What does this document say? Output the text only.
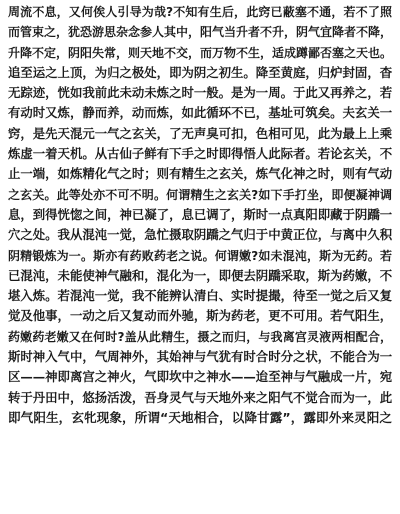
周流不息，又何俟人引导为哉?不知有生后，此窍已蔽塞不通，若不了照
而管束之，犹恐游思杂念参人其中，阳气当升者不升，阴气宜降者不降，
升降不定，阴阳失常，则天地不交，而万物不生，适成蹲鄙否塞之天也。
追至运之上顶，为归之极处，即为阴之初生。降至黄庭，归炉封固，杳
无踪迹，恍如我前此未动未炼之时一般。是为一周。于此又再养之，若
有动时又炼，静而养，动而炼，如此循环不已，基址可筑矣。夫玄关一
窍，是先天混元一气之玄关，了无声臭可扣，色相可见，此为最上上乘
炼虚一着天机。从古仙子鲜有下手之时即得悟人此际者。若论玄关，不
止一端，如炼精化气之时；则有精生之玄关，炼气化神之时，则有气动
之玄关。此等处亦不可不明。何谓精生之玄关?如下手打坐，即便凝神调
息，到得恍惚之间，神已凝了，息已调了，斯时一点真阳即藏于阴蹻一
穴之处。我从混沌一觉，急忙摄取阴蹻之气归于中黄正位，与离中久积
阴精锻炼为一。斯亦有药败药老之说。何谓嫩?如未混沌，斯为无药。若
已混沌，未能使神气融和，混化为一，即便去阴蹻采取，斯为药嫩，不
堪入炼。若混沌一觉，我不能辨认清白、实时提撮，待至一觉之后又复
觉及他事，一动之后又复动而外驰，斯为药老，更不可用。若气阳生，
药嫩药老嫩又在何时?盖从此精生，摄之而归，与我离宫灵液两相配合，
斯时神入气中，气周神外，其始神与气犹有时合时分之状，不能合为一
区——神即离宫之神火，气即坎中之神水——迨至神与气融成一片，宛
转于丹田中，悠扬活泼，吾身灵气与天地外来之阳气不觉合而为一，此
即气阳生，玄牝现象，所谓“天地相合，以降甘露”，露即外来灵阳之
